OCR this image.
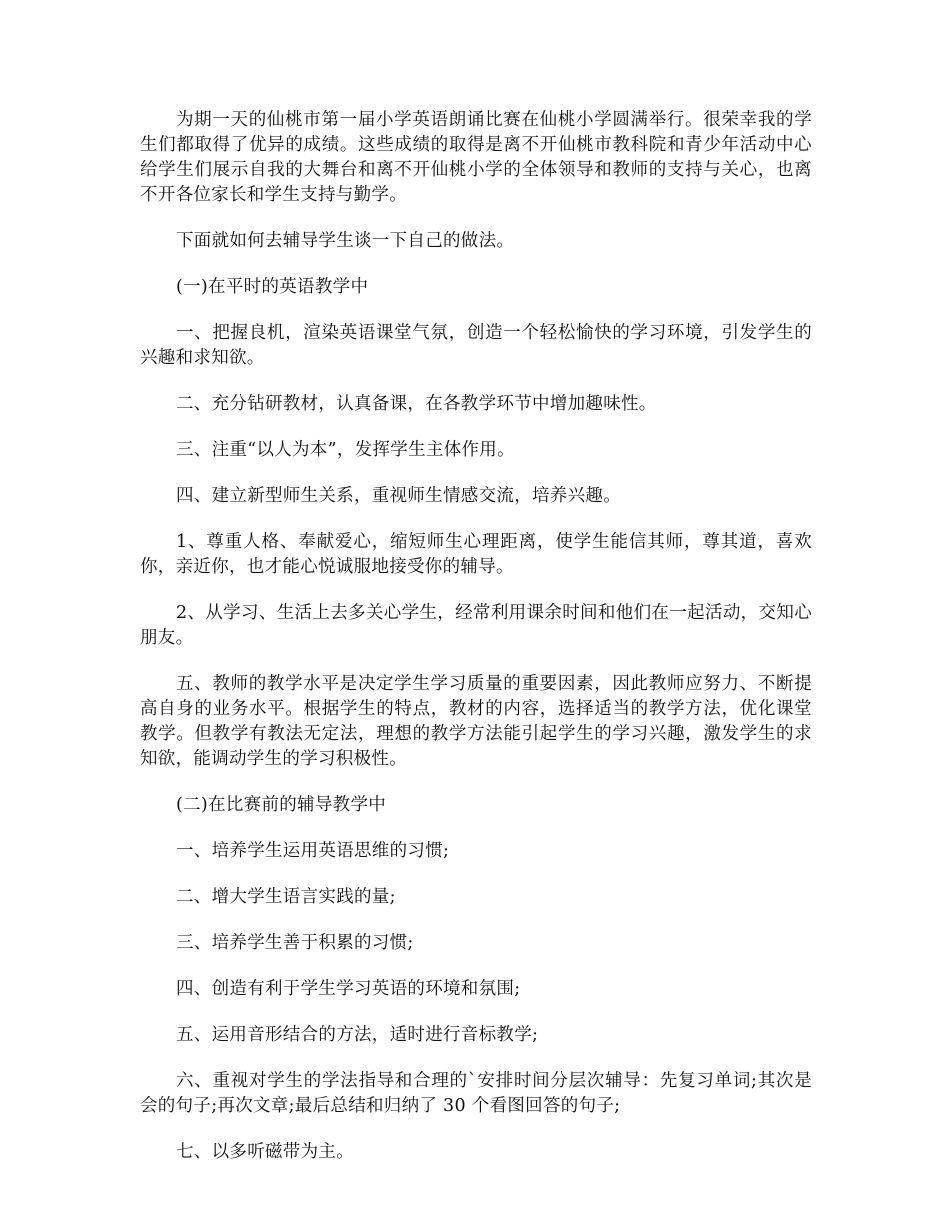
为期一天的仙桃市第一届小学英语朗诵比赛在仙桃小学圆满举行。很荣幸我的学生们都取得了优异的成绩。这些成绩的取得是离不开仙桃市教科院和青少年活动中心给学生们展示自我的大舞台和离不开仙桃小学的全体领导和教师的支持与关心，也离不开各位家长和学生支持与勤学。

下面就如何去辅导学生谈一下自己的做法。

(一)在平时的英语教学中

一、把握良机，渲染英语课堂气氛，创造一个轻松愉快的学习环境，引发学生的兴趣和求知欲。

二、充分钻研教材，认真备课，在各教学环节中增加趣味性。

三、注重“以人为本”，发挥学生主体作用。

四、建立新型师生关系，重视师生情感交流，培养兴趣。

1、尊重人格、奉献爱心，缩短师生心理距离，使学生能信其师，尊其道，喜欢你，亲近你，也才能心悦诚服地接受你的辅导。

2、从学习、生活上去多关心学生，经常利用课余时间和他们在一起活动，交知心朋友。

五、教师的教学水平是决定学生学习质量的重要因素，因此教师应努力、不断提高自身的业务水平。根据学生的特点，教材的内容，选择适当的教学方法，优化课堂教学。但教学有教法无定法，理想的教学方法能引起学生的学习兴趣，激发学生的求知欲，能调动学生的学习积极性。

(二)在比赛前的辅导教学中

一、培养学生运用英语思维的习惯;

二、增大学生语言实践的量;

三、培养学生善于积累的习惯;

四、创造有利于学生学习英语的环境和氛围;

五、运用音形结合的方法，适时进行音标教学;

六、重视对学生的学法指导和合理的`安排时间分层次辅导：先复习单词;其次是会的句子;再次文章;最后总结和归纳了 30 个看图回答的句子;

七、以多听磁带为主。
